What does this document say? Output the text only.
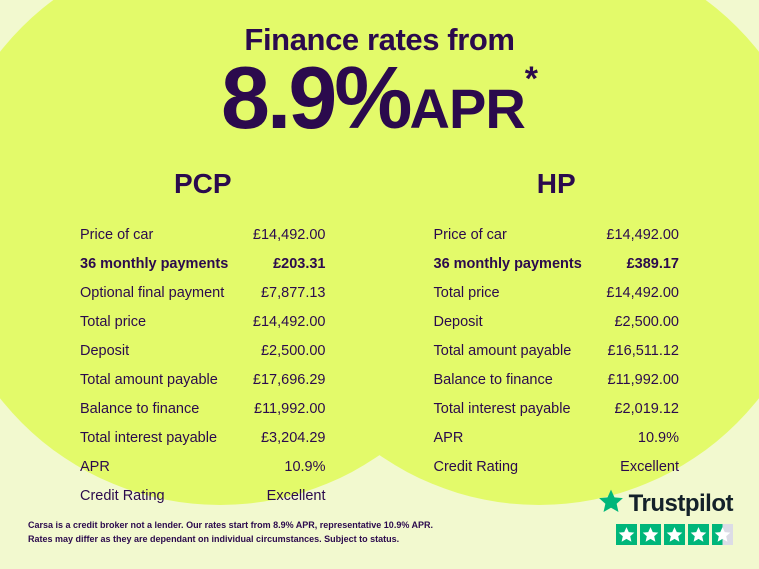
Finance rates from
8.9%APR*
PCP
Price of car	£14,492.00
36 monthly payments	£203.31
Optional final payment	£7,877.13
Total price	£14,492.00
Deposit	£2,500.00
Total amount payable £17,696.29
Balance to finance	£11,992.00
Total interest payable	£3,204.29
APR	10.9%
Credit Rating	Excellent
HP
Price of car	£14,492.00
36 monthly payments	£389.17
Total price	£14,492.00
Deposit	£2,500.00
Total amount payable £16,511.12
Balance to finance	£11,992.00
Total interest payable	£2,019.12
APR	10.9%
Credit Rating	Excellent
Carsa is a credit broker not a lender. Our rates start from 8.9% APR, representative 10.9% APR.
Rates may differ as they are dependant on individual circumstances. Subject to status.
Trustpilot
